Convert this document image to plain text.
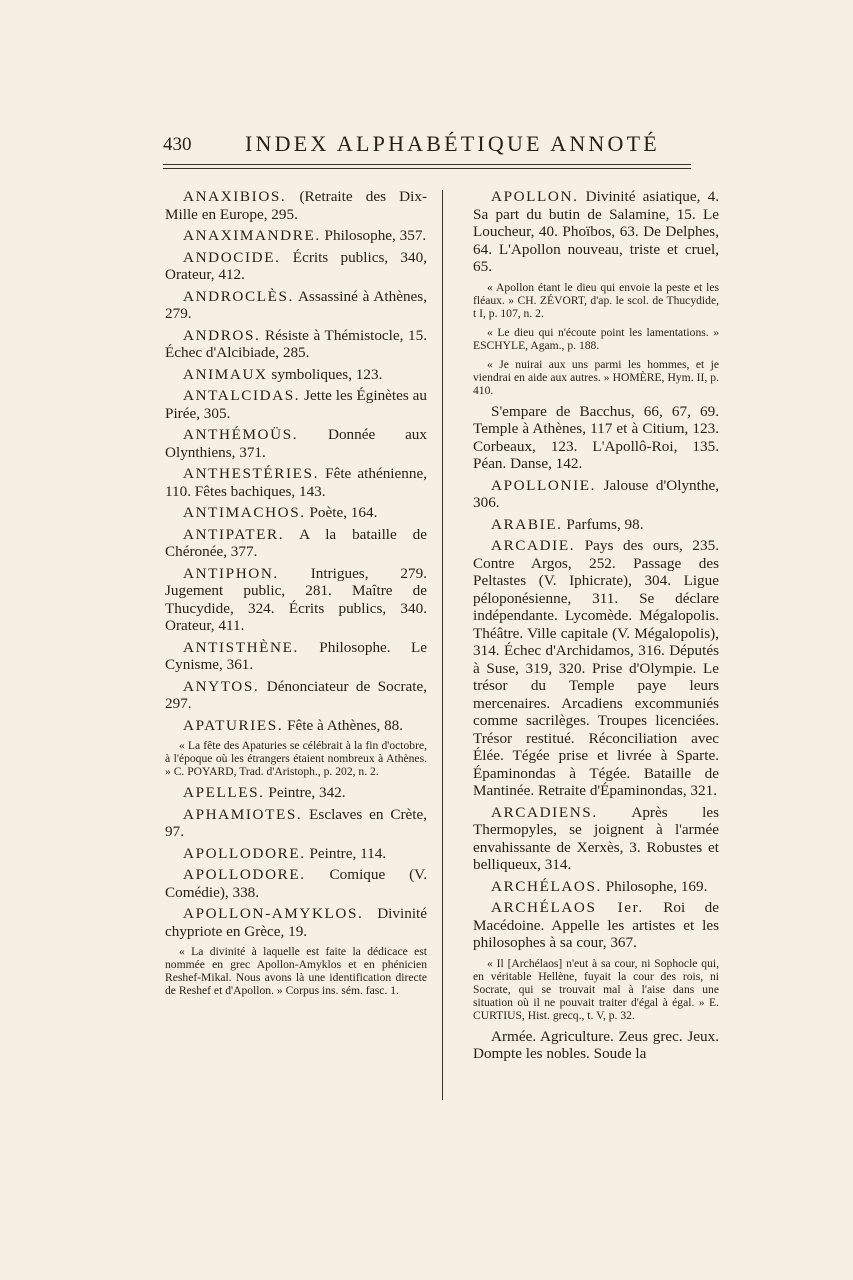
430 INDEX ALPHABÉTIQUE ANNOTÉ

ANAXIBIOS. (Retraite des Dix-Mille en Europe, 295.

ANAXIMANDRE. Philosophe, 357.

ANDOCIDE. Écrits publics, 340, Orateur, 412.

ANDROCLÈS. Assassiné à Athènes, 279.

ANDROS. Résiste à Thémistocle, 15. Échec d'Alcibiade, 285.

ANIMAUX symboliques, 123.

ANTALCIDAS. Jette les Éginètes au Pirée, 305.

ANTHÉMOÜS. Donnée aux Olynthiens, 371.

ANTHESTÉRIES. Fête athénienne, 110. Fêtes bachiques, 143.

ANTIMACHOS. Poète, 164.

ANTIPATER. A la bataille de Chéronée, 377.

ANTIPHON. Intrigues, 279. Jugement public, 281. Maître de Thucydide, 324. Écrits publics, 340. Orateur, 411.

ANTISTHÈNE. Philosophe. Le Cynisme, 361.

ANYTOS. Dénonciateur de Socrate, 297.

APATURIES. Fête à Athènes, 88.

« La fête des Apaturies se célébrait à la fin d'octobre, à l'époque où les étrangers étaient nombreux à Athènes. » C. POYARD, Trad. d'Aristoph., p. 202, n. 2.

APELLES. Peintre, 342.

APHAMIOTES. Esclaves en Crète, 97.

APOLLODORE. Peintre, 114.

APOLLODORE. Comique (V. Comédie), 338.

APOLLON-AMYKLOS. Divinité chypriote en Grèce, 19.

« La divinité à laquelle est faite la dédicace est nommée en grec Apollon-Amyklos et en phénicien Reshef-Mikal. Nous avons là une identification directe de Reshef et d'Apollon. » Corpus ins. sém. fasc. 1.

APOLLON. Divinité asiatique, 4. Sa part du butin de Salamine, 15. Le Loucheur, 40. Phoïbos, 63. De Delphes, 64. L'Apollon nouveau, triste et cruel, 65.

« Apollon étant le dieu qui envoie la peste et les fléaux. » CH. ZÉVORT, d'ap. le scol. de Thucydide, t I, p. 107, n. 2.

« Le dieu qui n'écoute point les lamentations. » ESCHYLE, Agam., p. 188.

« Je nuirai aux uns parmi les hommes, et je viendrai en aide aux autres. » HOMÈRE, Hym. II, p. 410.

S'empare de Bacchus, 66, 67, 69. Temple à Athènes, 117 et à Citium, 123. Corbeaux, 123. L'Apollô-Roi, 135. Péan. Danse, 142.

APOLLONIE. Jalouse d'Olynthe, 306.

ARABIE. Parfums, 98.

ARCADIE. Pays des ours, 235. Contre Argos, 252. Passage des Peltastes (V. Iphicrate), 304. Ligue péloponésienne, 311. Se déclare indépendante. Lycomède. Mégalopolis. Théâtre. Ville capitale (V. Mégalopolis), 314. Échec d'Archidamos, 316. Députés à Suse, 319, 320. Prise d'Olympie. Le trésor du Temple paye leurs mercenaires. Arcadiens excommuniés comme sacrilèges. Troupes licenciées. Trésor restitué. Réconciliation avec Élée. Tégée prise et livrée à Sparte. Épaminondas à Tégée. Bataille de Mantinée. Retraite d'Épaminondas, 321.

ARCADIENS. Après les Thermopyles, se joignent à l'armée envahissante de Xerxès, 3. Robustes et belliqueux, 314.

ARCHÉLAOS. Philosophe, 169.

ARCHÉLAOS Ier. Roi de Macédoine. Appelle les artistes et les philosophes à sa cour, 367.

« Il [Archélaos] n'eut à sa cour, ni Sophocle qui, en véritable Hellène, fuyait la cour des rois, ni Socrate, qui se trouvait mal à l'aise dans une situation où il ne pouvait traiter d'égal à égal. » E. CURTIUS, Hist. grecq., t. V, p. 32.

Armée. Agriculture. Zeus grec. Jeux. Dompte les nobles. Soude la
